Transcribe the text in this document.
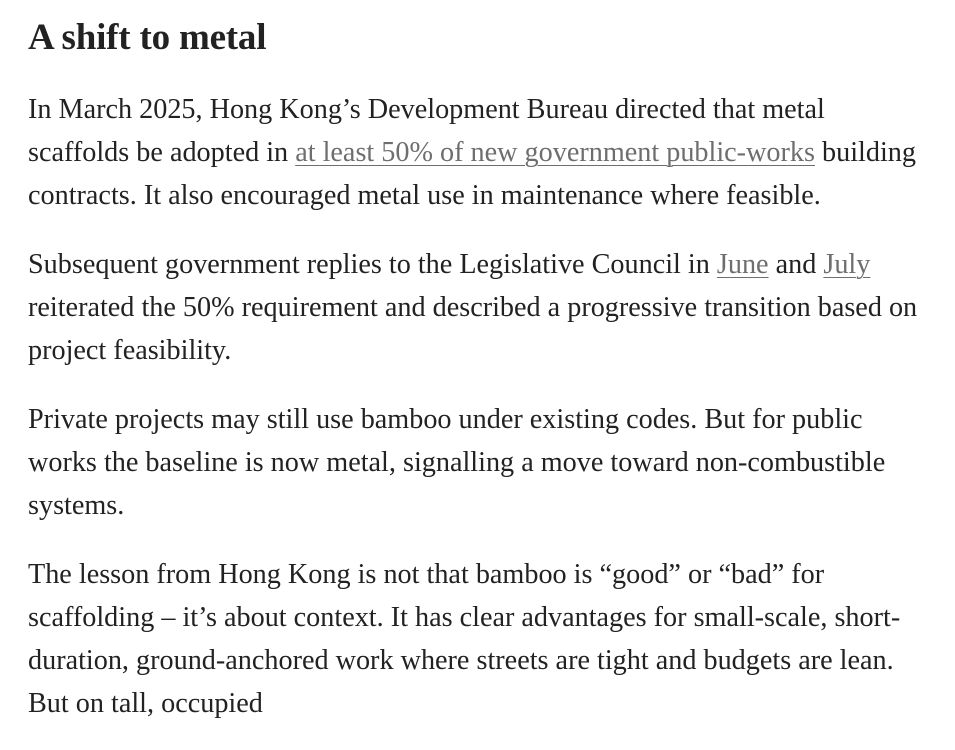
A shift to metal

In March 2025, Hong Kong’s Development Bureau directed that metal scaffolds be adopted in at least 50% of new government public-works building contracts. It also encouraged metal use in maintenance where feasible.

Subsequent government replies to the Legislative Council in June and July reiterated the 50% requirement and described a progressive transition based on project feasibility.

Private projects may still use bamboo under existing codes. But for public works the baseline is now metal, signalling a move toward non-combustible systems.

The lesson from Hong Kong is not that bamboo is “good” or “bad” for scaffolding – it’s about context. It has clear advantages for small-scale, short-duration, ground-anchored work where streets are tight and budgets are lean. But on tall, occupied
